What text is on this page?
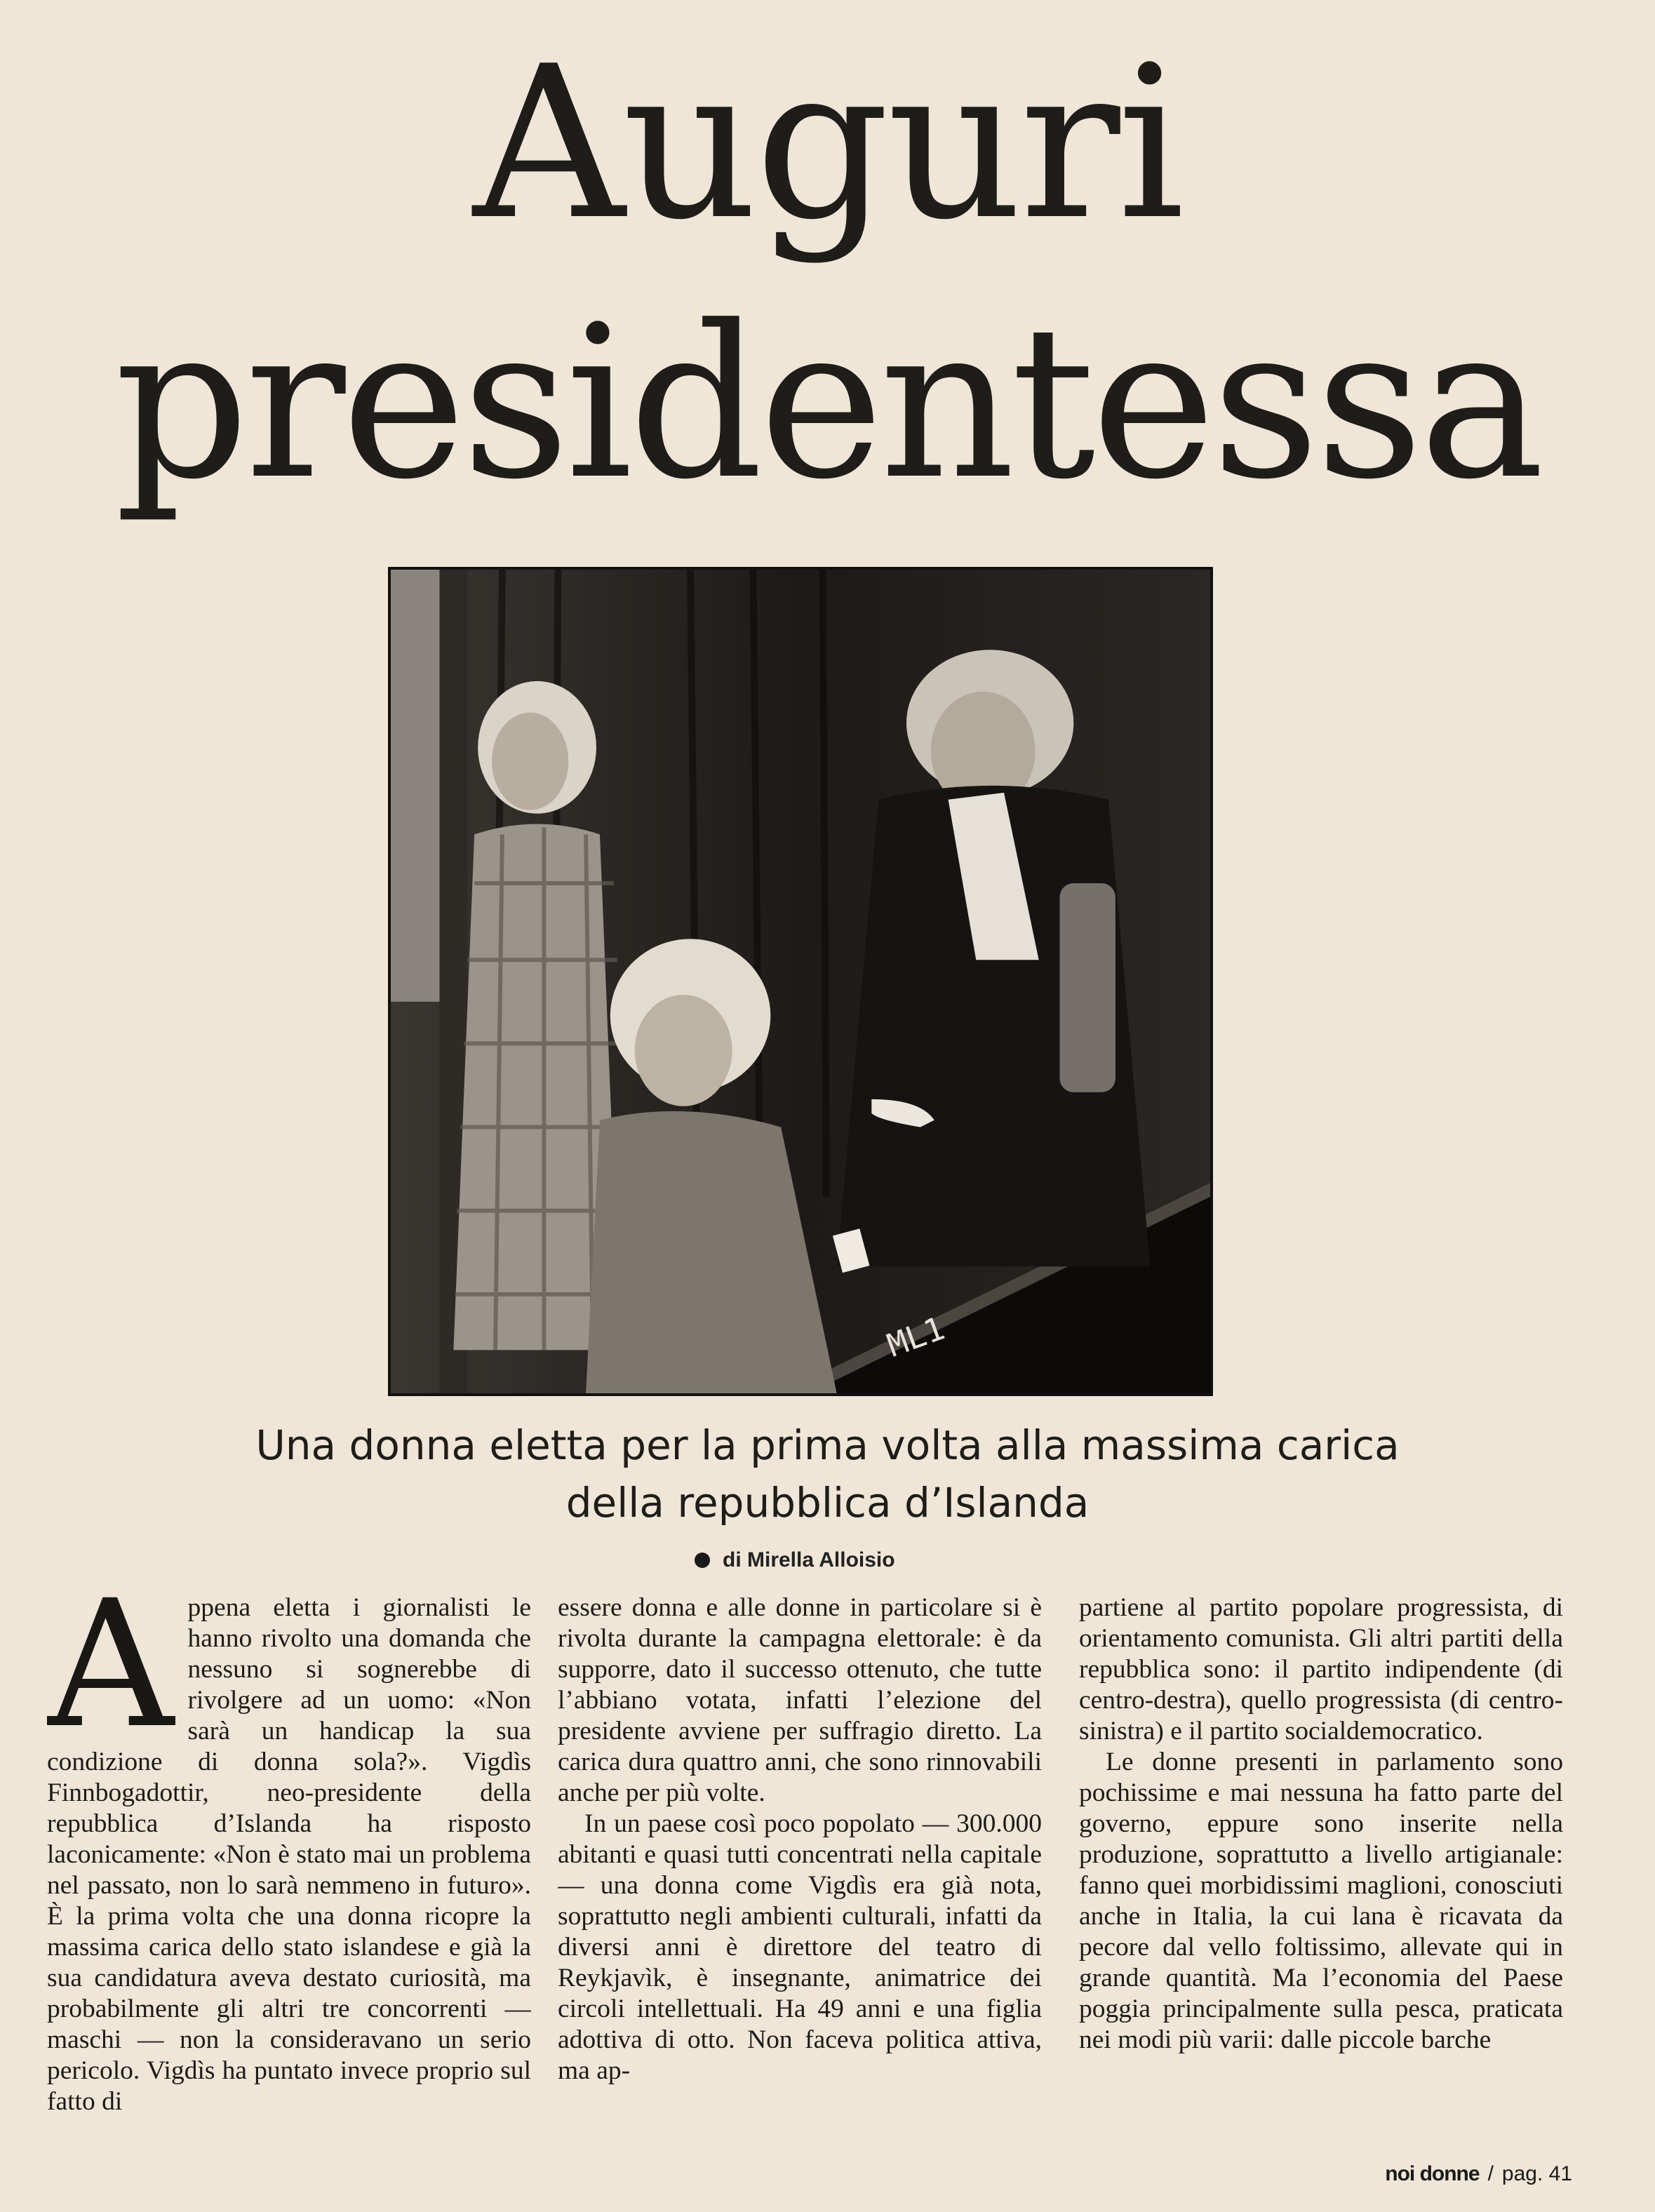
Auguri
presidentessa
ML1

Una donna eletta per la prima volta alla massima carica

della repubblica d’Islanda

di Mirella Alloisio
A ppena eletta i giornalisti le hanno rivolto una domanda che nessuno si sognerebbe di rivolgere ad un uomo: «Non sarà un handicap la sua condizione di donna sola?». Vigdìs Finnbogadottir, neo-presidente della repubblica d’Islanda ha risposto laconicamente: «Non è stato mai un problema nel passato, non lo sarà nemmeno in futuro». È la prima volta che una donna ricopre la massima carica dello stato islandese e già la sua candidatura aveva destato curiosità, ma probabilmente gli altri tre concorrenti — maschi — non la consideravano un serio pericolo. Vigdìs ha puntato invece proprio sul fatto di

essere donna e alle donne in particolare si è rivolta durante la campagna elettorale: è da supporre, dato il successo ottenuto, che tutte l’abbiano votata, infatti l’elezione del presidente avviene per suffragio diretto. La carica dura quattro anni, che sono rinnovabili anche per più volte.

In un paese così poco popolato — 300.000 abitanti e quasi tutti concentrati nella capitale — una donna come Vigdìs era già nota, soprattutto negli ambienti culturali, infatti da diversi anni è direttore del teatro di Reykjavìk, è insegnante, animatrice dei circoli intellettuali. Ha 49 anni e una figlia adottiva di otto. Non faceva politica attiva, ma ap-

partiene al partito popolare progressista, di orientamento comunista. Gli altri partiti della repubblica sono: il partito indipendente (di centro-destra), quello progressista (di centro-sinistra) e il partito socialdemocratico.

Le donne presenti in parlamento sono pochissime e mai nessuna ha fatto parte del governo, eppure sono inserite nella produzione, soprattutto a livello artigianale: fanno quei morbidissimi maglioni, conosciuti anche in Italia, la cui lana è ricavata da pecore dal vello foltissimo, allevate qui in grande quantità. Ma l’economia del Paese poggia principalmente sulla pesca, praticata nei modi più varii: dalle piccole barche

noi donne / pag. 41
